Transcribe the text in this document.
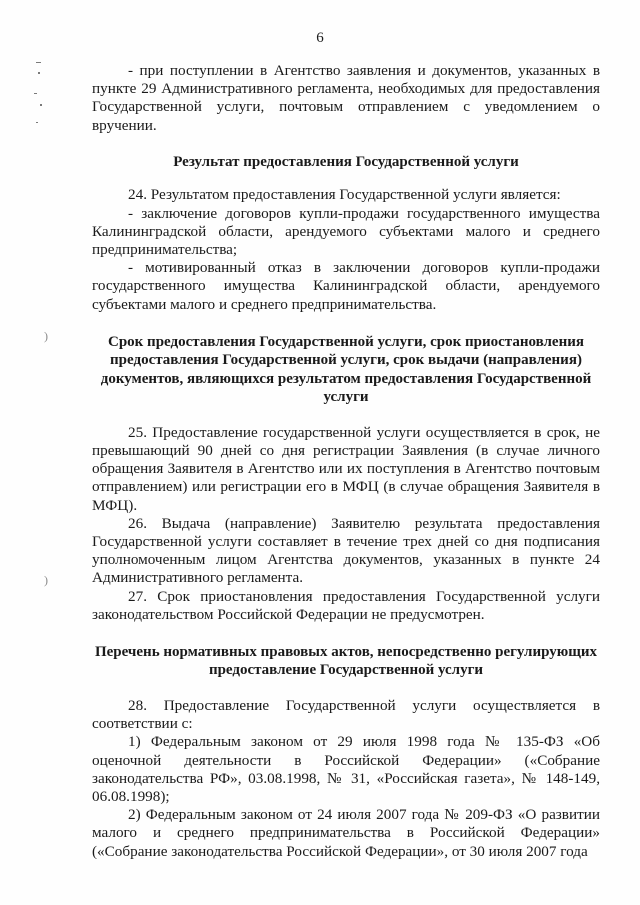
6
)
)

- при поступлении в Агентство заявления и документов, указанных в пункте 29 Административного регламента, необходимых для предоставления Государственной услуги, почтовым отправлением с уведомлением о вручении.

Результат предоставления Государственной услуги

24. Результатом предоставления Государственной услуги является:

- заключение договоров купли-продажи государственного имущества Калининградской области, арендуемого субъектами малого и среднего предпринимательства;

- мотивированный отказ в заключении договоров купли-продажи государственного имущества Калининградской области, арендуемого субъектами малого и среднего предпринимательства.

Срок предоставления Государственной услуги, срок приостановления предоставления Государственной услуги, срок выдачи (направления) документов, являющихся результатом предоставления Государственной услуги

25. Предоставление государственной услуги осуществляется в срок, не превышающий 90 дней со дня регистрации Заявления (в случае личного обращения Заявителя в Агентство или их поступления в Агентство почтовым отправлением) или регистрации его в МФЦ (в случае обращения Заявителя в МФЦ).

26. Выдача (направление) Заявителю результата предоставления Государственной услуги составляет в течение трех дней со дня подписания уполномоченным лицом Агентства документов, указанных в пункте 24 Административного регламента.

27. Срок приостановления предоставления Государственной услуги законодательством Российской Федерации не предусмотрен.

Перечень нормативных правовых актов, непосредственно регулирующих предоставление Государственной услуги

28. Предоставление Государственной услуги осуществляется в соответствии с:

1) Федеральным законом от 29 июля 1998 года № 135-ФЗ «Об оценочной деятельности в Российской Федерации» («Собрание законодательства РФ», 03.08.1998, № 31, «Российская газета», № 148-149, 06.08.1998);

2) Федеральным законом от 24 июля 2007 года № 209-ФЗ «О развитии малого и среднего предпринимательства в Российской Федерации» («Собрание законодательства Российской Федерации», от 30 июля 2007 года
